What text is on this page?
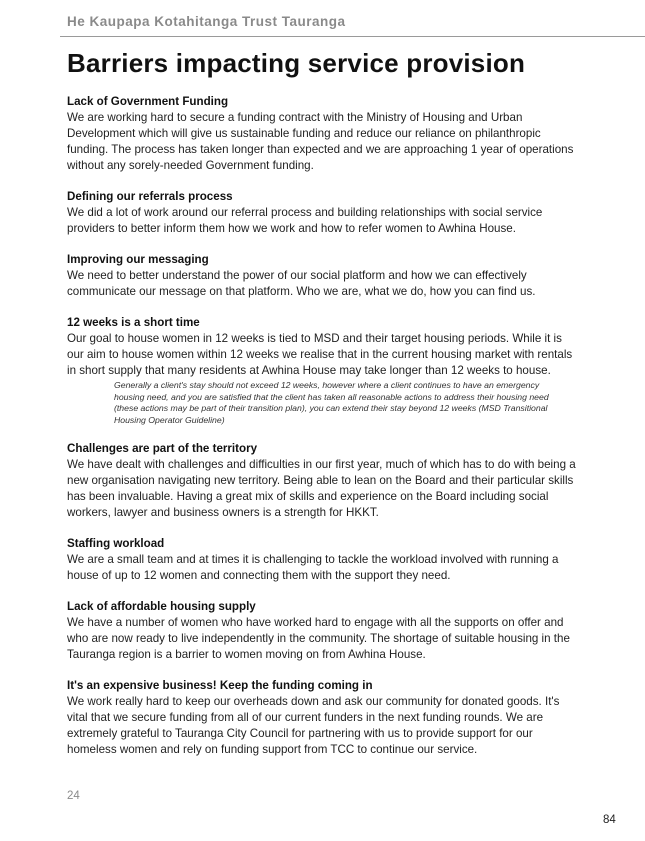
He Kaupapa Kotahitanga Trust Tauranga
Barriers impacting service provision
Lack of Government Funding

We are working hard to secure a funding contract with the Ministry of Housing and Urban Development which will give us sustainable funding and reduce our reliance on philanthropic funding. The process has taken longer than expected and we are approaching 1 year of operations without any sorely-needed Government funding.

Defining our referrals process

We did a lot of work around our referral process and building relationships with social service providers to better inform them how we work and how to refer women to Awhina House.

Improving our messaging

We need to better understand the power of our social platform and how we can effectively communicate our message on that platform. Who we are, what we do, how you can find us.

12 weeks is a short time

Our goal to house women in 12 weeks is tied to MSD and their target housing periods. While it is our aim to house women within 12 weeks we realise that in the current housing market with rentals in short supply that many residents at Awhina House may take longer than 12 weeks to house.

Generally a client's stay should not exceed 12 weeks, however where a client continues to have an emergency housing need, and you are satisfied that the client has taken all reasonable actions to address their housing need (these actions may be part of their transition plan), you can extend their stay beyond 12 weeks (MSD Transitional Housing Operator Guideline)
Challenges are part of the territory

We have dealt with challenges and difficulties in our first year, much of which has to do with being a new organisation navigating new territory. Being able to lean on the Board and their particular skills has been invaluable. Having a great mix of skills and experience on the Board including social workers, lawyer and business owners is a strength for HKKT.

Staffing workload

We are a small team and at times it is challenging to tackle the workload involved with running a house of up to 12 women and connecting them with the support they need.

Lack of affordable housing supply

We have a number of women who have worked hard to engage with all the supports on offer and who are now ready to live independently in the community. The shortage of suitable housing in the Tauranga region is a barrier to women moving on from Awhina House.

It's an expensive business! Keep the funding coming in

We work really hard to keep our overheads down and ask our community for donated goods. It's vital that we secure funding from all of our current funders in the next funding rounds. We are extremely grateful to Tauranga City Council for partnering with us to provide support for our homeless women and rely on funding support from TCC to continue our service.

24
84
